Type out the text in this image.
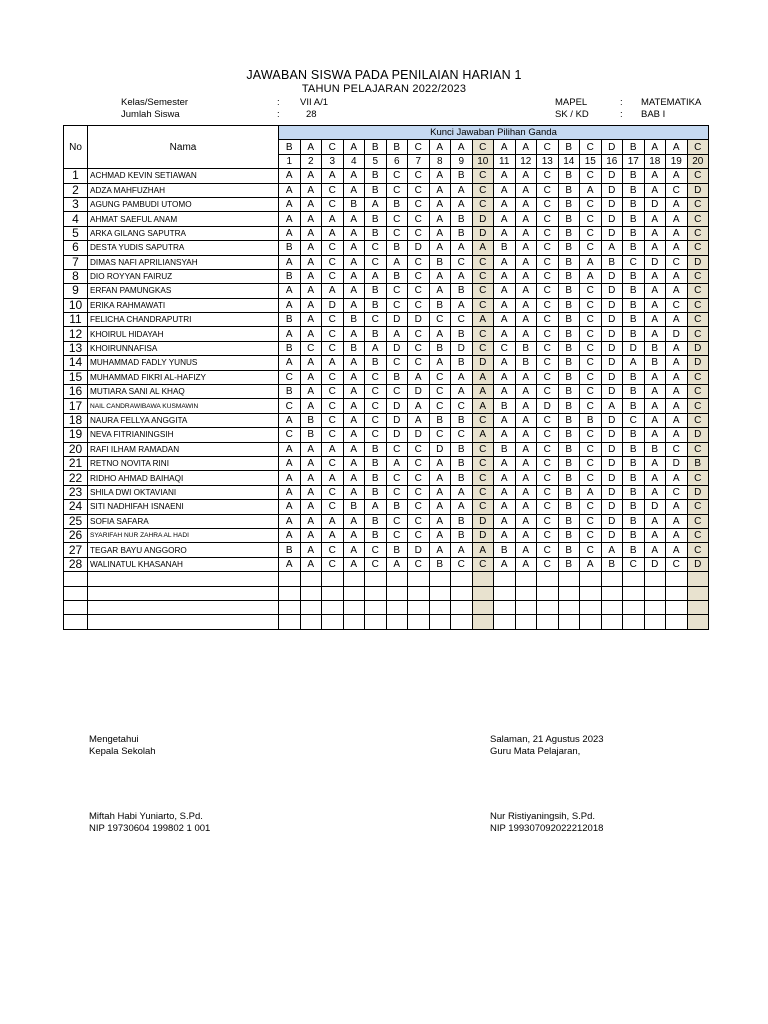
JAWABAN SISWA PADA PENILAIAN HARIAN 1
TAHUN PELAJARAN 2022/2023
Kelas/Semester	: VII A/1
Jumlah Siswa	:	28
MAPEL	: MATEMATIKA
SK / KD	: BAB I
No	Nama	Kunci Jawaban Pilihan Ganda																			
		B	A	C	A	B	B	C	A	A	C	A	A	C	B	C	D	B	A	A	C
		1	2	3	4	5	6	7	8	9	10	11	12	13	14	15	16	17	18	19	20
1	ACHMAD KEVIN SETIAWAN	A	A	A	A	B	C	C	A	B	C	A	A	C	B	C	D	B	A	A	C
2	ADZA MAHFUZHAH	A	A	C	A	B	C	C	A	A	C	A	A	C	B	A	D	B	A	C	D
3	AGUNG PAMBUDI UTOMO	A	A	C	B	A	B	C	A	A	C	A	A	C	B	C	D	B	D	A	C
4	AHMAT SAEFUL ANAM	A	A	A	A	B	C	C	A	B	D	A	A	C	B	C	D	B	A	A	C
5	ARKA GILANG SAPUTRA	A	A	A	A	B	C	C	A	B	D	A	A	C	B	C	D	B	A	A	C
6	DESTA YUDIS SAPUTRA	B	A	C	A	C	B	D	A	A	A	B	A	C	B	C	A	B	A	A	C
7	DIMAS NAFI APRILIANSYAH	A	A	C	A	C	A	C	B	C	C	A	A	C	B	A	B	C	D	C	D
8	DIO ROYYAN FAIRUZ	B	A	C	A	A	B	C	A	A	C	A	A	C	B	A	D	B	A	A	C
9	ERFAN PAMUNGKAS	A	A	A	A	B	C	C	A	B	C	A	A	C	B	C	D	B	A	A	C
10	ERIKA RAHMAWATI	A	A	D	A	B	C	C	B	A	C	A	A	C	B	C	D	B	A	C	C
11	FELICHA CHANDRAPUTRI	B	A	C	B	C	D	D	C	C	A	A	A	C	B	C	D	B	A	A	C
12	KHOIRUL HIDAYAH	A	A	C	A	B	A	C	A	B	C	A	A	C	B	C	D	B	A	D	C
13	KHOIRUNNAFISA	B	C	C	B	A	D	C	B	D	C	C	B	C	B	C	D	D	B	A	D
14	MUHAMMAD FADLY YUNUS	A	A	A	A	B	C	C	A	B	D	A	B	C	B	C	D	A	B	A	D
15	MUHAMMAD FIKRI AL-HAFIZY	C	A	C	A	C	B	A	C	A	A	A	A	C	B	C	D	B	A	A	C
16	MUTIARA SANI AL KHAQ	B	A	C	A	C	C	D	C	A	A	A	A	C	B	C	D	B	A	A	C
17	NAIL CANDRAWIBAWA KUSMAWIN	C	A	C	A	C	D	A	C	C	A	B	A	D	B	C	A	B	A	A	C
18	NAURA FELLYA ANGGITA	A	B	C	A	C	D	A	B	B	C	A	A	C	B	B	D	C	A	A	C
19	NEVA FITRIANINGSIH	C	B	C	A	C	D	D	C	C	A	A	A	C	B	C	D	B	A	A	D
20	RAFI ILHAM RAMADAN	A	A	A	A	B	C	C	D	B	C	B	A	C	B	C	D	B	B	C	C
21	RETNO NOVITA RINI	A	A	C	A	B	A	C	A	B	C	A	A	C	B	C	D	B	A	D	B
22	RIDHO AHMAD BAIHAQI	A	A	A	A	B	C	C	A	B	C	A	A	C	B	C	D	B	A	A	C
23	SHILA DWI OKTAVIANI	A	A	C	A	B	C	C	A	A	C	A	A	C	B	A	D	B	A	C	D
24	SITI NADHIFAH ISNAENI	A	A	C	B	A	B	C	A	A	C	A	A	C	B	C	D	B	D	A	C
25	SOFIA SAFARA	A	A	A	A	B	C	C	A	B	D	A	A	C	B	C	D	B	A	A	C
26	SYARIFAH NUR ZAHRA AL HADI	A	A	A	A	B	C	C	A	B	D	A	A	C	B	C	D	B	A	A	C
27	TEGAR BAYU ANGGORO	B	A	C	A	C	B	D	A	A	A	B	A	C	B	C	A	B	A	A	C
28	WALINATUL KHASANAH	A	A	C	A	C	A	C	B	C	C	A	A	C	B	A	B	C	D	C	D

Mengetahui
Kepala Sekolah
Miftah Habi Yuniarto, S.Pd.
NIP 19730604 199802 1 001
Salaman, 21 Agustus 2023
Guru Mata Pelajaran,
Nur Ristiyaningsih, S.Pd.
NIP 199307092022212018
